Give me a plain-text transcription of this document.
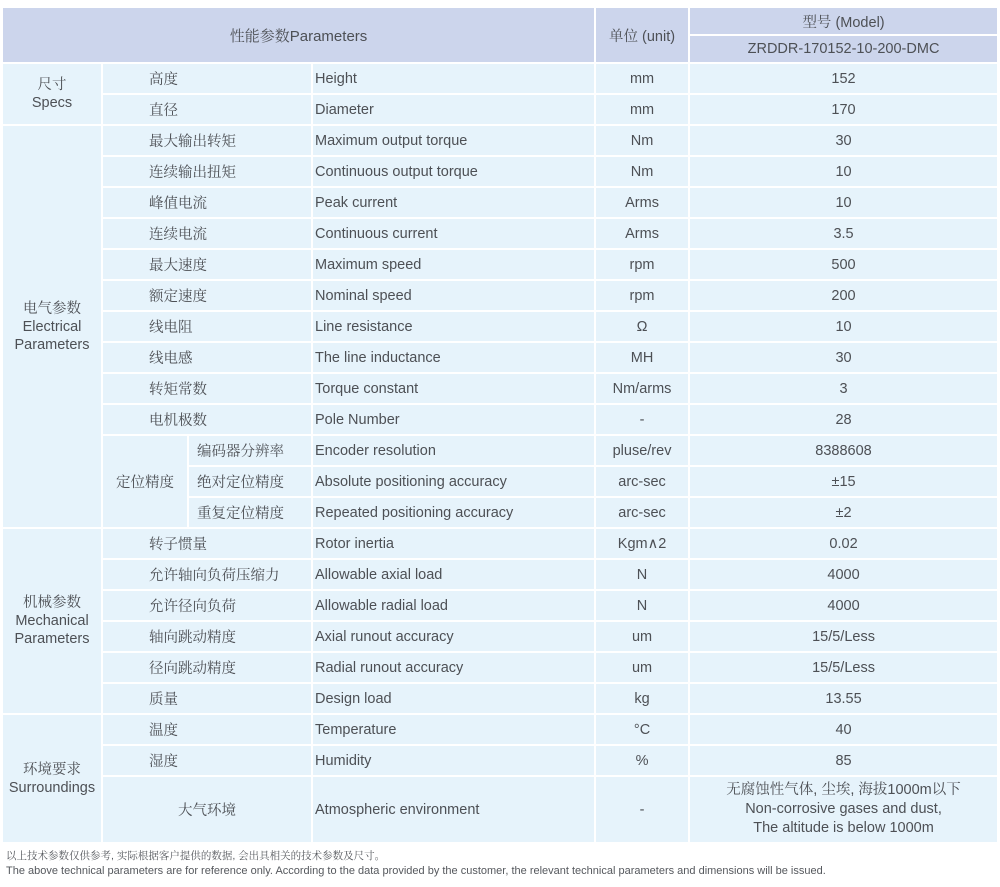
性能参数Parameters				单位 (unit)	型号 (Model)
					ZRDDR-170152-10-200-DMC

尺寸
Specs	高度		Height	mm	152
	直径		Diameter	mm	170

电气参数
Electrical
Parameters	最大输出转矩		Maximum output torque	Nm	30
	连续输出扭矩		Continuous output torque	Nm	10
	峰值电流		Peak current	Arms	10
	连续电流		Continuous current	Arms	3.5
	最大速度		Maximum speed	rpm	500
	额定速度		Nominal speed	rpm	200
	线电阻		Line resistance	Ω	10
	线电感		The line inductance	MH	30
	转矩常数		Torque constant	Nm/arms	3
	电机极数		Pole Number	-	28
	定位精度	编码器分辨率	Encoder resolution	pluse/rev	8388608
		绝对定位精度	Absolute positioning accuracy	arc-sec	±15
		重复定位精度	Repeated positioning accuracy	arc-sec	±2

机械参数
Mechanical
Parameters	转子惯量		Rotor inertia	Kgm∧2	0.02
	允许轴向负荷压缩力		Allowable axial load	N	4000
	允许径向负荷		Allowable radial load	N	4000
	轴向跳动精度		Axial runout accuracy	um	15/5/Less
	径向跳动精度		Radial runout accuracy	um	15/5/Less
	质量		Design load	kg	13.55

环境要求
Surroundings	温度		Temperature	°C	40
	湿度		Humidity	%	85
	大气环境		Atmospheric environment	-	无腐蚀性气体, 尘埃, 海拔1000m以下
Non-corrosive gases and dust,
The altitude is below 1000m
以上技术参数仅供参考, 实际根据客户提供的数据, 会出具相关的技术参数及尺寸。
The above technical parameters are for reference only. According to the data provided by the customer, the relevant technical parameters and dimensions will be issued.
